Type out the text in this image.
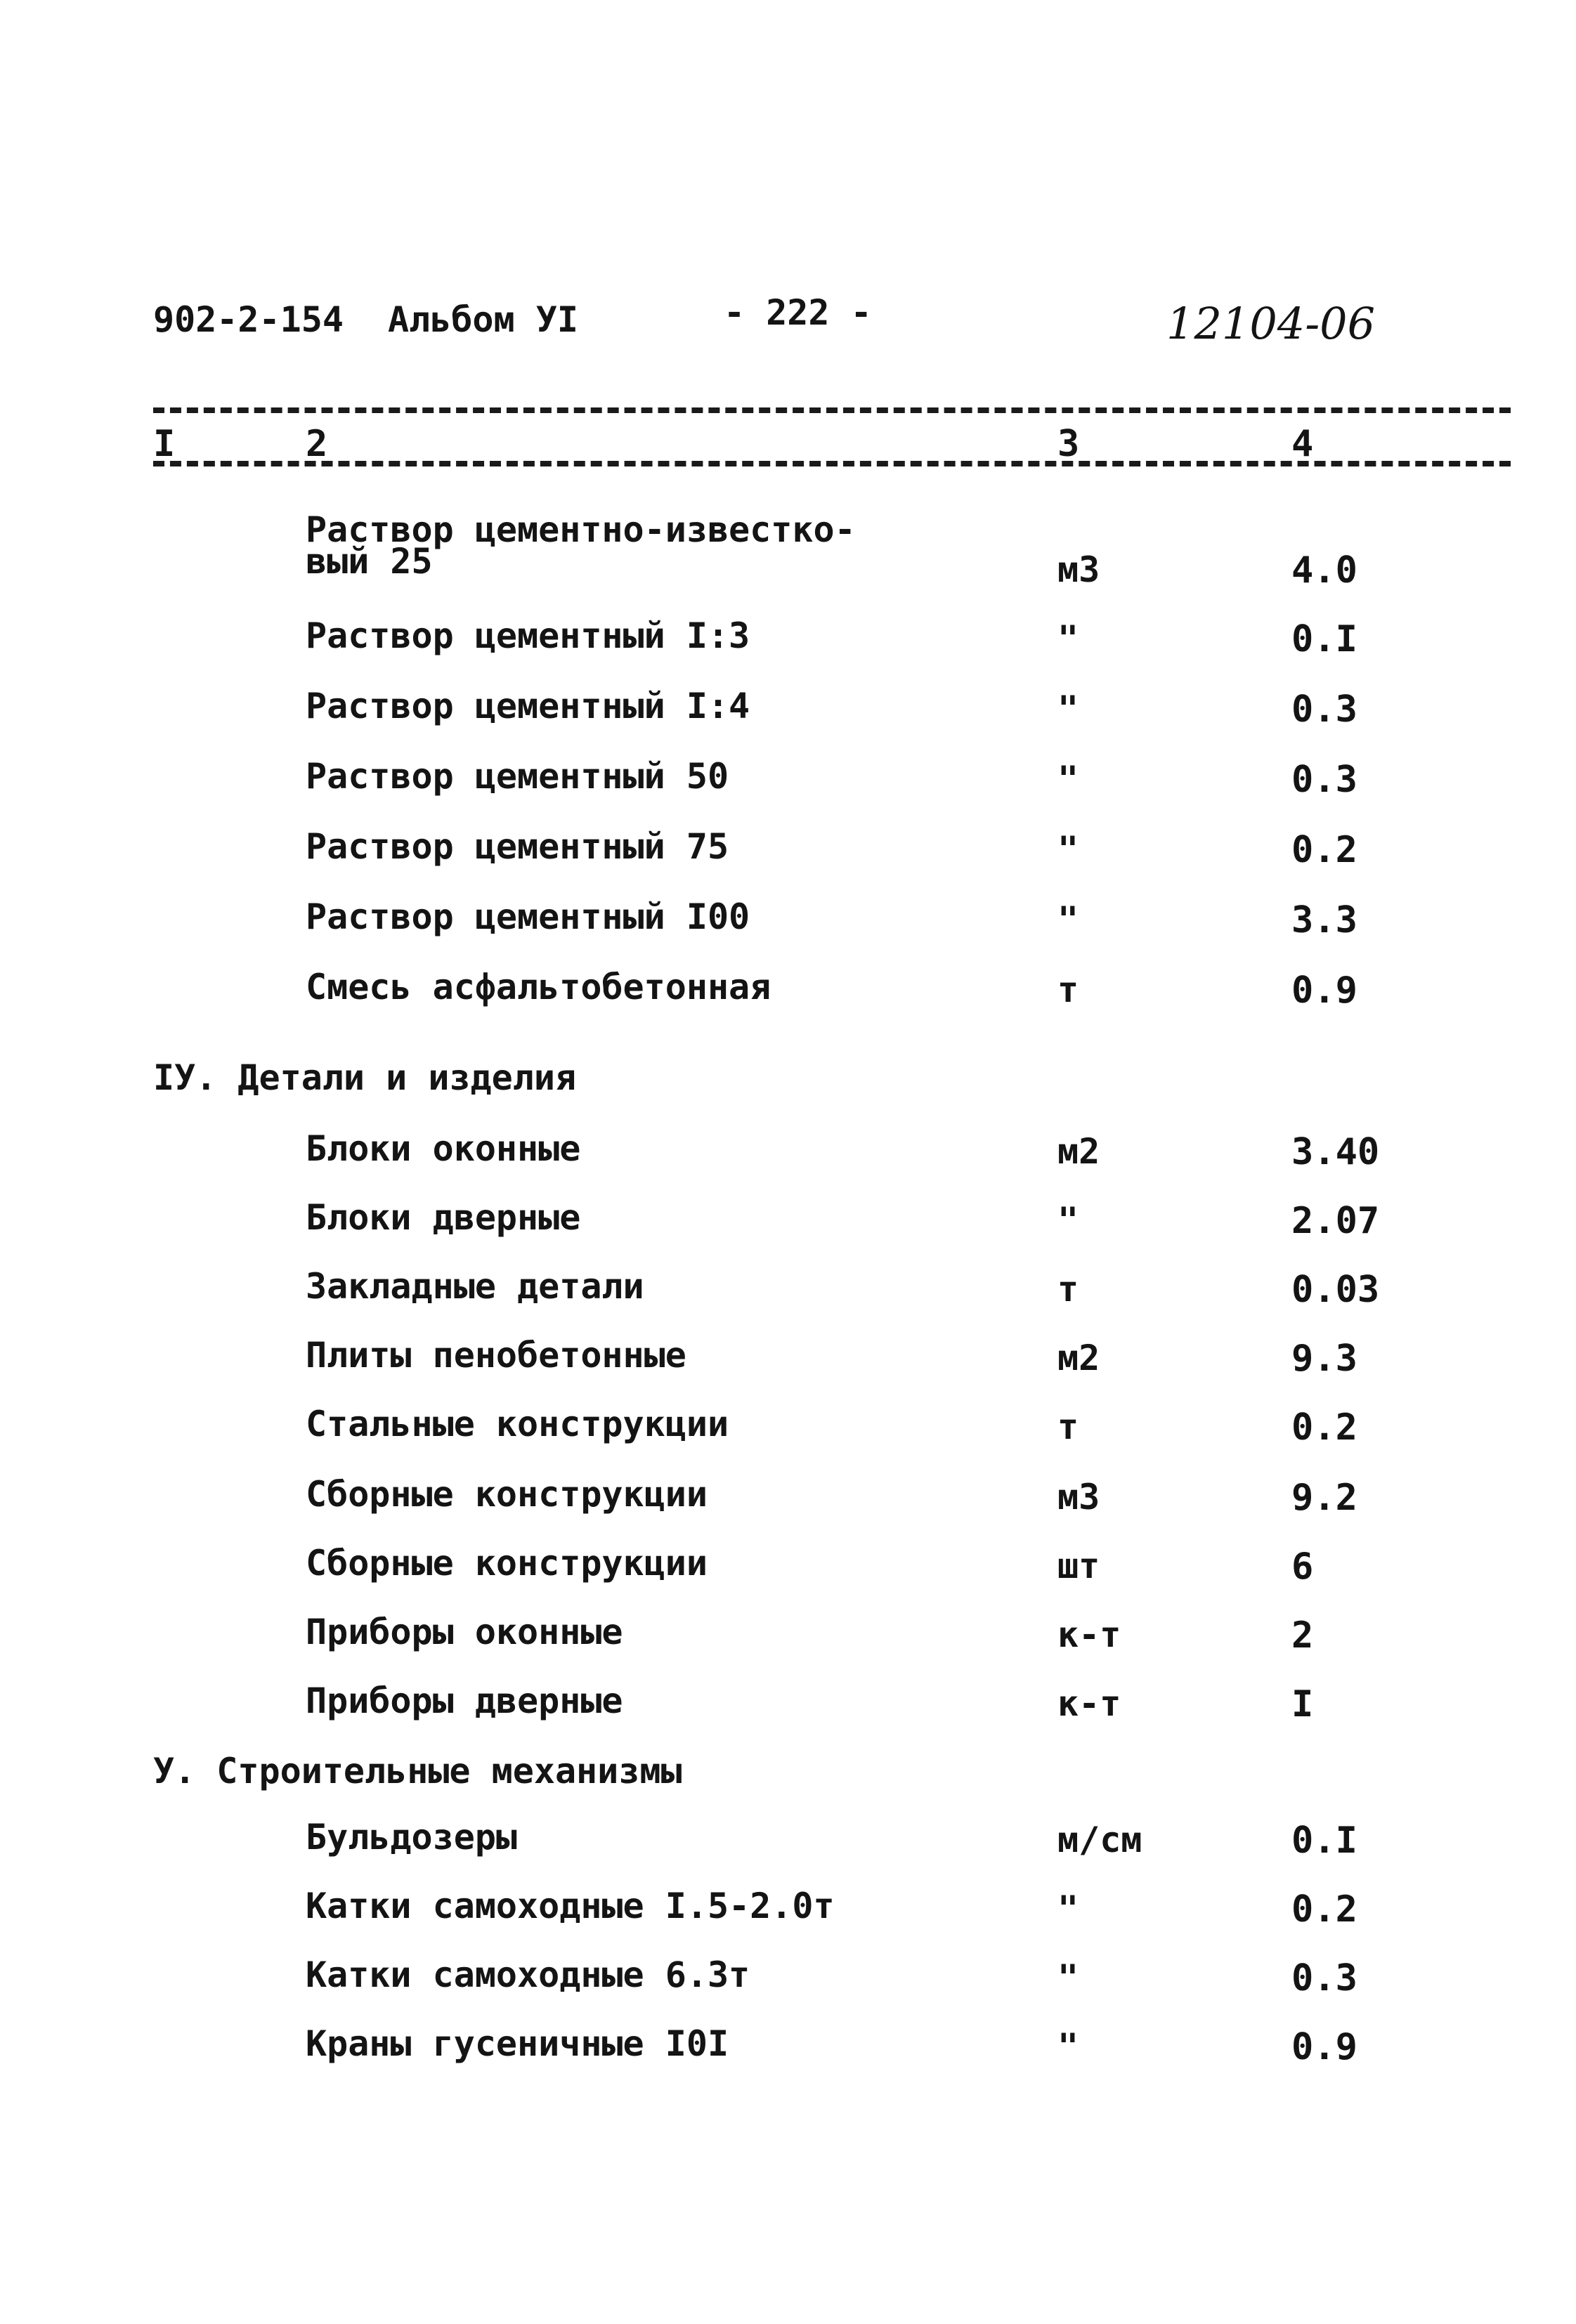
902-2-154 Альбом УI	- 222 -	12104-06
I	2	3	4
Раствор цементно-известко-
вый 25	м3	4.0
Раствор цементный I:3	"	0.I
Раствор цементный I:4	"	0.3
Раствор цементный 50	"	0.3
Раствор цементный 75	"	0.2
Раствор цементный I00	"	3.3
Смесь асфальтобетонная	т	0.9
IУ. Детали и изделия
Блоки оконные	м2	3.40
Блоки дверные	"	2.07
Закладные детали	т	0.03
Плиты пенобетонные	м2	9.3
Стальные конструкции	т	0.2
Сборные конструкции	м3	9.2
Сборные конструкции	шт	6
Приборы оконные	к-т	2
Приборы дверные	к-т	I
У. Строительные механизмы
Бульдозеры	м/см	0.I
Катки самоходные I.5-2.0т	"	0.2
Катки самоходные 6.3т	"	0.3
Краны гусеничные I0I	"	0.9
